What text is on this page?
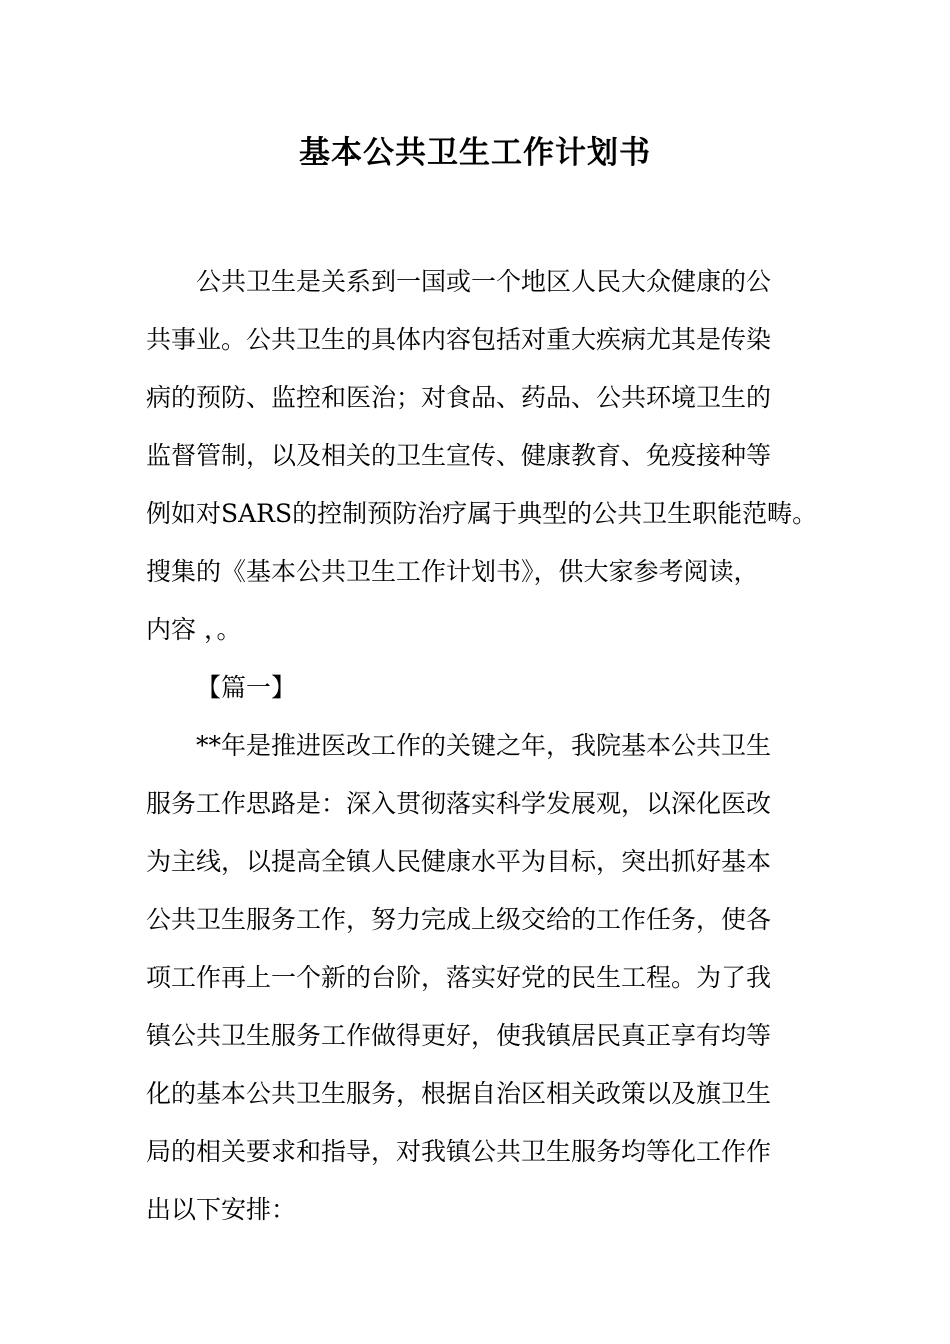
基本公共卫生工作计划书

公共卫生是关系到一国或一个地区人民大众健康的公

共事业。公共卫生的具体内容包括对重大疾病尤其是传染

病的预防、监控和医治；对食品、药品、公共环境卫生的

监督管制，以及相关的卫生宣传、健康教育、免疫接种等

例如对SARS的控制预防治疗属于典型的公共卫生职能范畴。

搜集的《基本公共卫生工作计划书》，供大家参考阅读，

内容 ，。

【篇一】

**年是推进医改工作的关键之年，我院基本公共卫生

服务工作思路是：深入贯彻落实科学发展观，以深化医改

为主线，以提高全镇人民健康水平为目标，突出抓好基本

公共卫生服务工作，努力完成上级交给的工作任务，使各

项工作再上一个新的台阶，落实好党的民生工程。为了我

镇公共卫生服务工作做得更好，使我镇居民真正享有均等

化的基本公共卫生服务，根据自治区相关政策以及旗卫生

局的相关要求和指导，对我镇公共卫生服务均等化工作作

出以下安排：
